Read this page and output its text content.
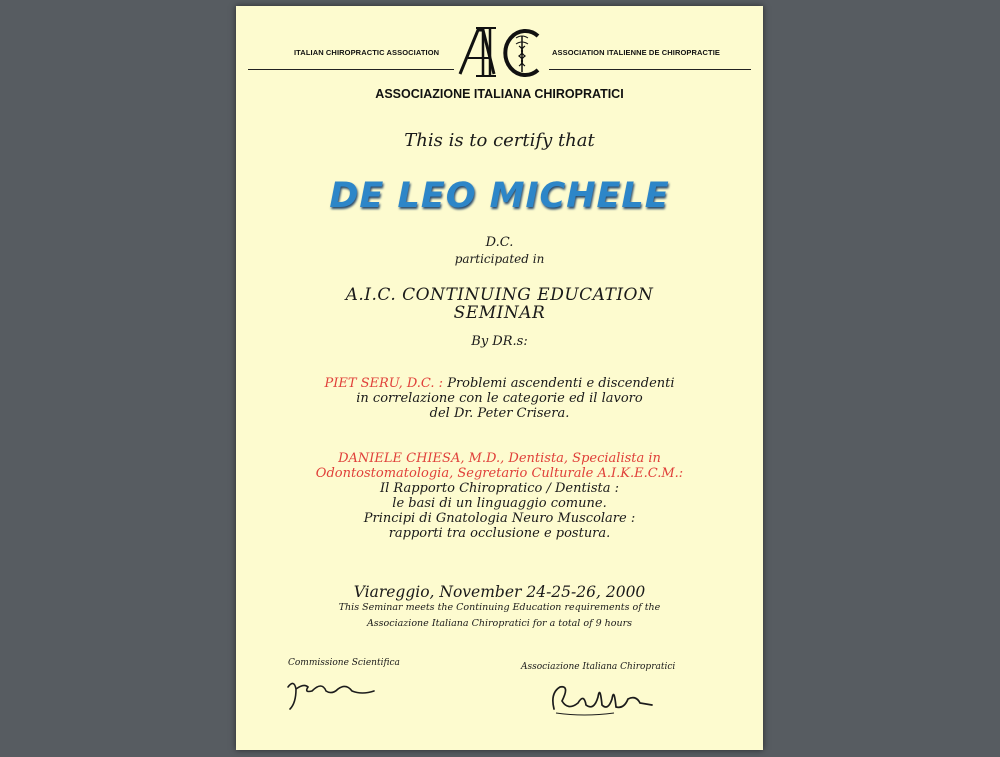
ITALIAN CHIROPRACTIC ASSOCIATION	ASSOCIATION ITALIENNE DE CHIROPRACTIE
ASSOCIAZIONE ITALIANA CHIROPRATICI
This is to certify that
DE LEO MICHELE
D.C.
participated in
A.I.C. CONTINUING EDUCATION
SEMINAR
By DR.s:
PIET SERU, D.C. : Problemi ascendenti e discendenti
in correlazione con le categorie ed il lavoro
del Dr. Peter Crisera.
DANIELE CHIESA, M.D., Dentista, Specialista in
Odontostomatologia, Segretario Culturale A.I.K.E.C.M.:
Il Rapporto Chiropratico / Dentista :
le basi di un linguaggio comune.
Principi di Gnatologia Neuro Muscolare :
rapporti tra occlusione e postura.
Viareggio, November 24-25-26, 2000
This Seminar meets the Continuing Education requirements of the
Associazione Italiana Chiropratici for a total of 9 hours
Commissione Scientifica	Associazione Italiana Chiropratici
